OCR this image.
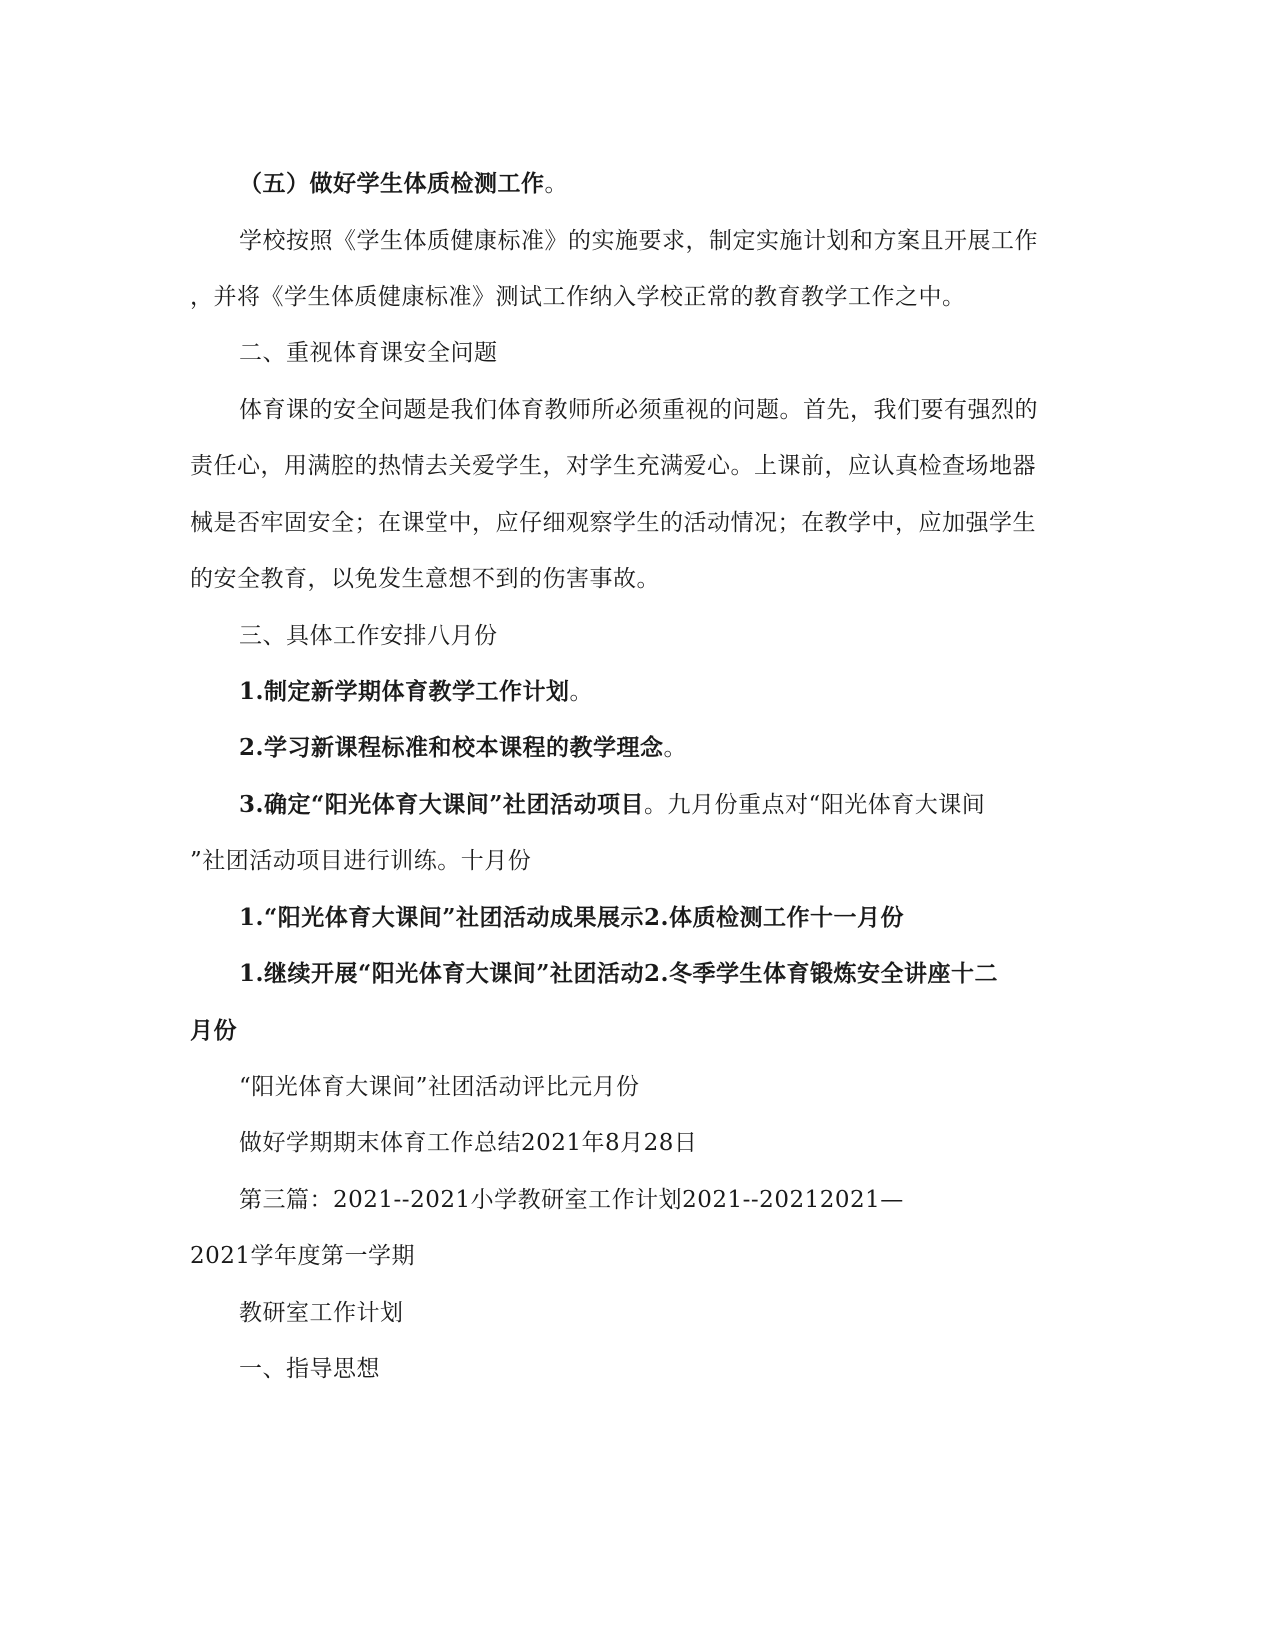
（五）做好学生体质检测工作。
学校按照《学生体质健康标准》的实施要求，制定实施计划和方案且开展工作
，并将《学生体质健康标准》测试工作纳入学校正常的教育教学工作之中。
二、重视体育课安全问题
体育课的安全问题是我们体育教师所必须重视的问题。首先，我们要有强烈的
责任心，用满腔的热情去关爱学生，对学生充满爱心。上课前，应认真检查场地器
械是否牢固安全；在课堂中，应仔细观察学生的活动情况；在教学中，应加强学生
的安全教育，以免发生意想不到的伤害事故。
三、具体工作安排八月份
1.制定新学期体育教学工作计划。
2.学习新课程标准和校本课程的教学理念。
3.确定“阳光体育大课间”社团活动项目。九月份重点对“阳光体育大课间
”社团活动项目进行训练。十月份
1.“阳光体育大课间”社团活动成果展示2.体质检测工作十一月份
1.继续开展“阳光体育大课间”社团活动2.冬季学生体育锻炼安全讲座十二
月份
“阳光体育大课间”社团活动评比元月份
做好学期期末体育工作总结2021年8月28日
第三篇：2021--2021小学教研室工作计划2021--20212021—
2021学年度第一学期
教研室工作计划
一、指导思想
